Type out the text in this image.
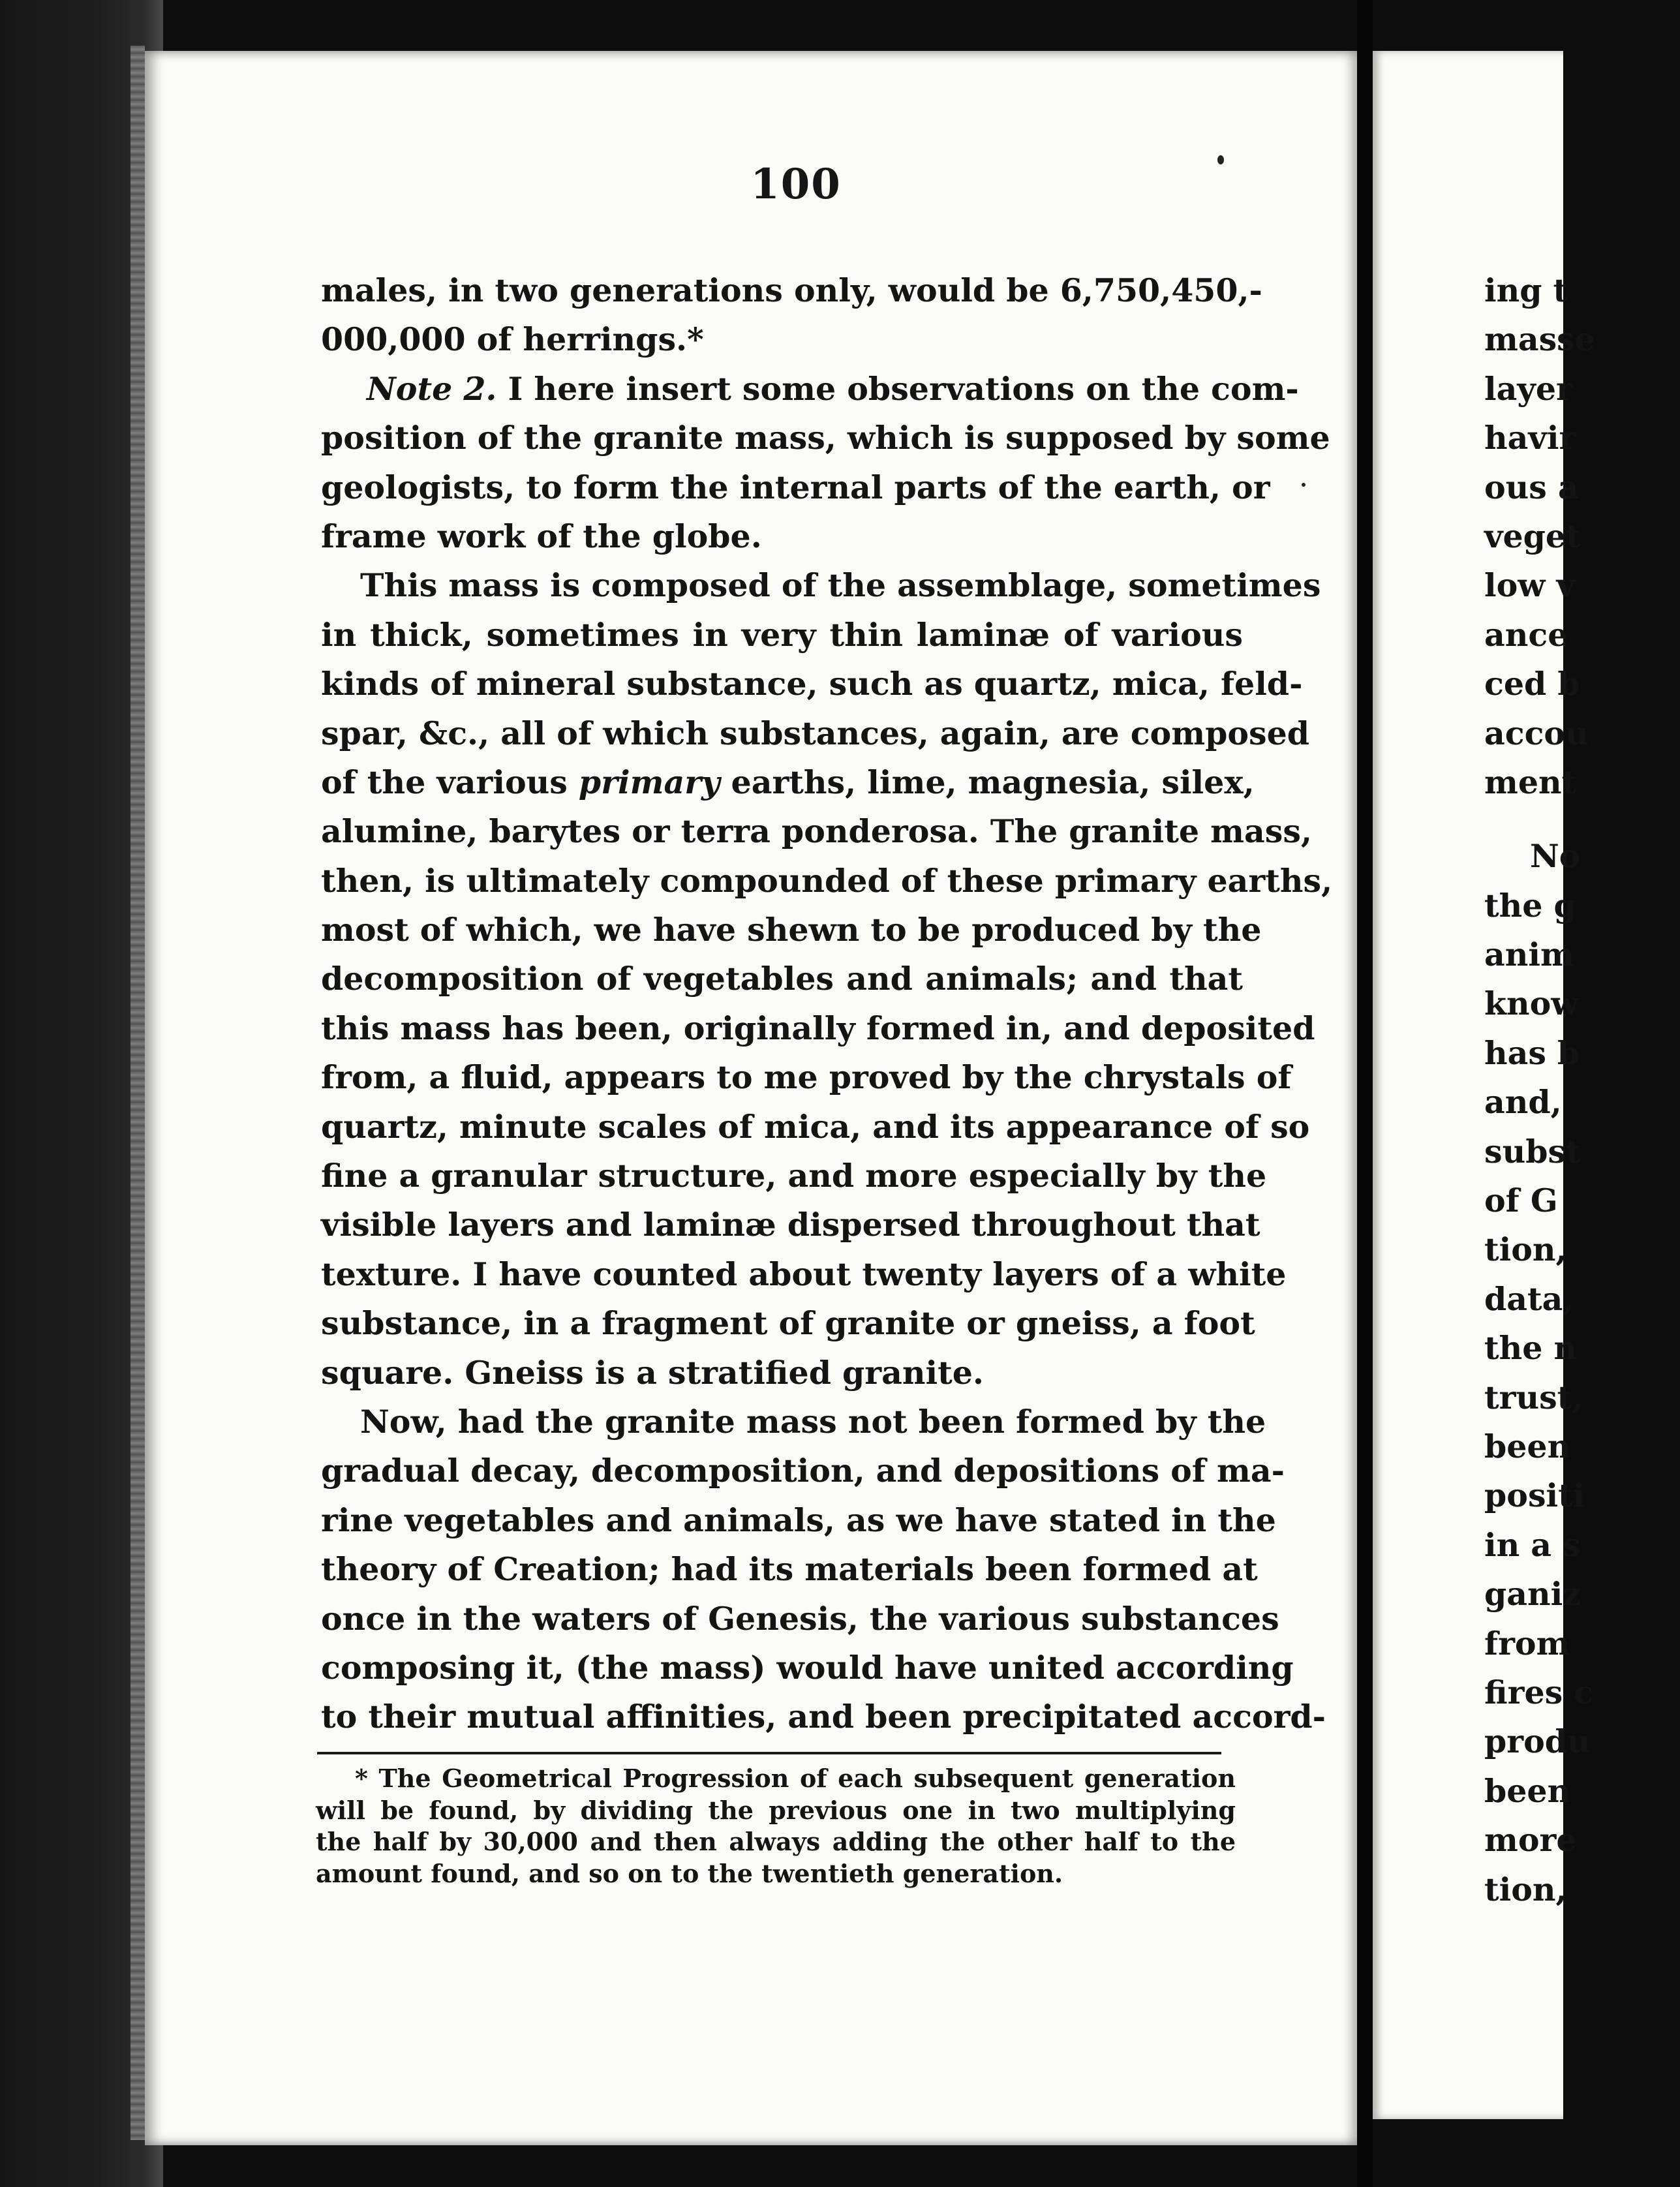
100
males, in two generations only, would be 6,750,450,-
000,000 of herrings.*
Note 2. I here insert some observations on the com-
position of the granite mass, which is supposed by some
geologists, to form the internal parts of the earth, or
frame work of the globe.
This mass is composed of the assemblage, sometimes
in thick, sometimes in very thin laminæ of various
kinds of mineral substance, such as quartz, mica, feld-
spar, &c., all of which substances, again, are composed
of the various primary earths, lime, magnesia, silex,
alumine, barytes or terra ponderosa. The granite mass,
then, is ultimately compounded of these primary earths,
most of which, we have shewn to be produced by the
decomposition of vegetables and animals; and that
this mass has been, originally formed in, and deposited
from, a fluid, appears to me proved by the chrystals of
quartz, minute scales of mica, and its appearance of so
fine a granular structure, and more especially by the
visible layers and laminæ dispersed throughout that
texture. I have counted about twenty layers of a white
substance, in a fragment of granite or gneiss, a foot
square. Gneiss is a stratified granite.
Now, had the granite mass not been formed by the
gradual decay, decomposition, and depositions of ma-
rine vegetables and animals, as we have stated in the
theory of Creation; had its materials been formed at
once in the waters of Genesis, the various substances
composing it, (the mass) would have united according
to their mutual affinities, and been precipitated accord-
* The Geometrical Progression of each subsequent generation
will be found, by dividing the previous one in two multiplying
the half by 30,000 and then always adding the other half to the
amount found, and so on to the twentieth generation.
ing t
masse
layer
havir
ous a
veget
low v
ance
ced b
accou
ment
No
the g
anim
know
has b
and,
subst
of G
tion,
data,
the n
trust,
been
positi
in a s
ganiz
from
fires c
produ
been
more
tion,
